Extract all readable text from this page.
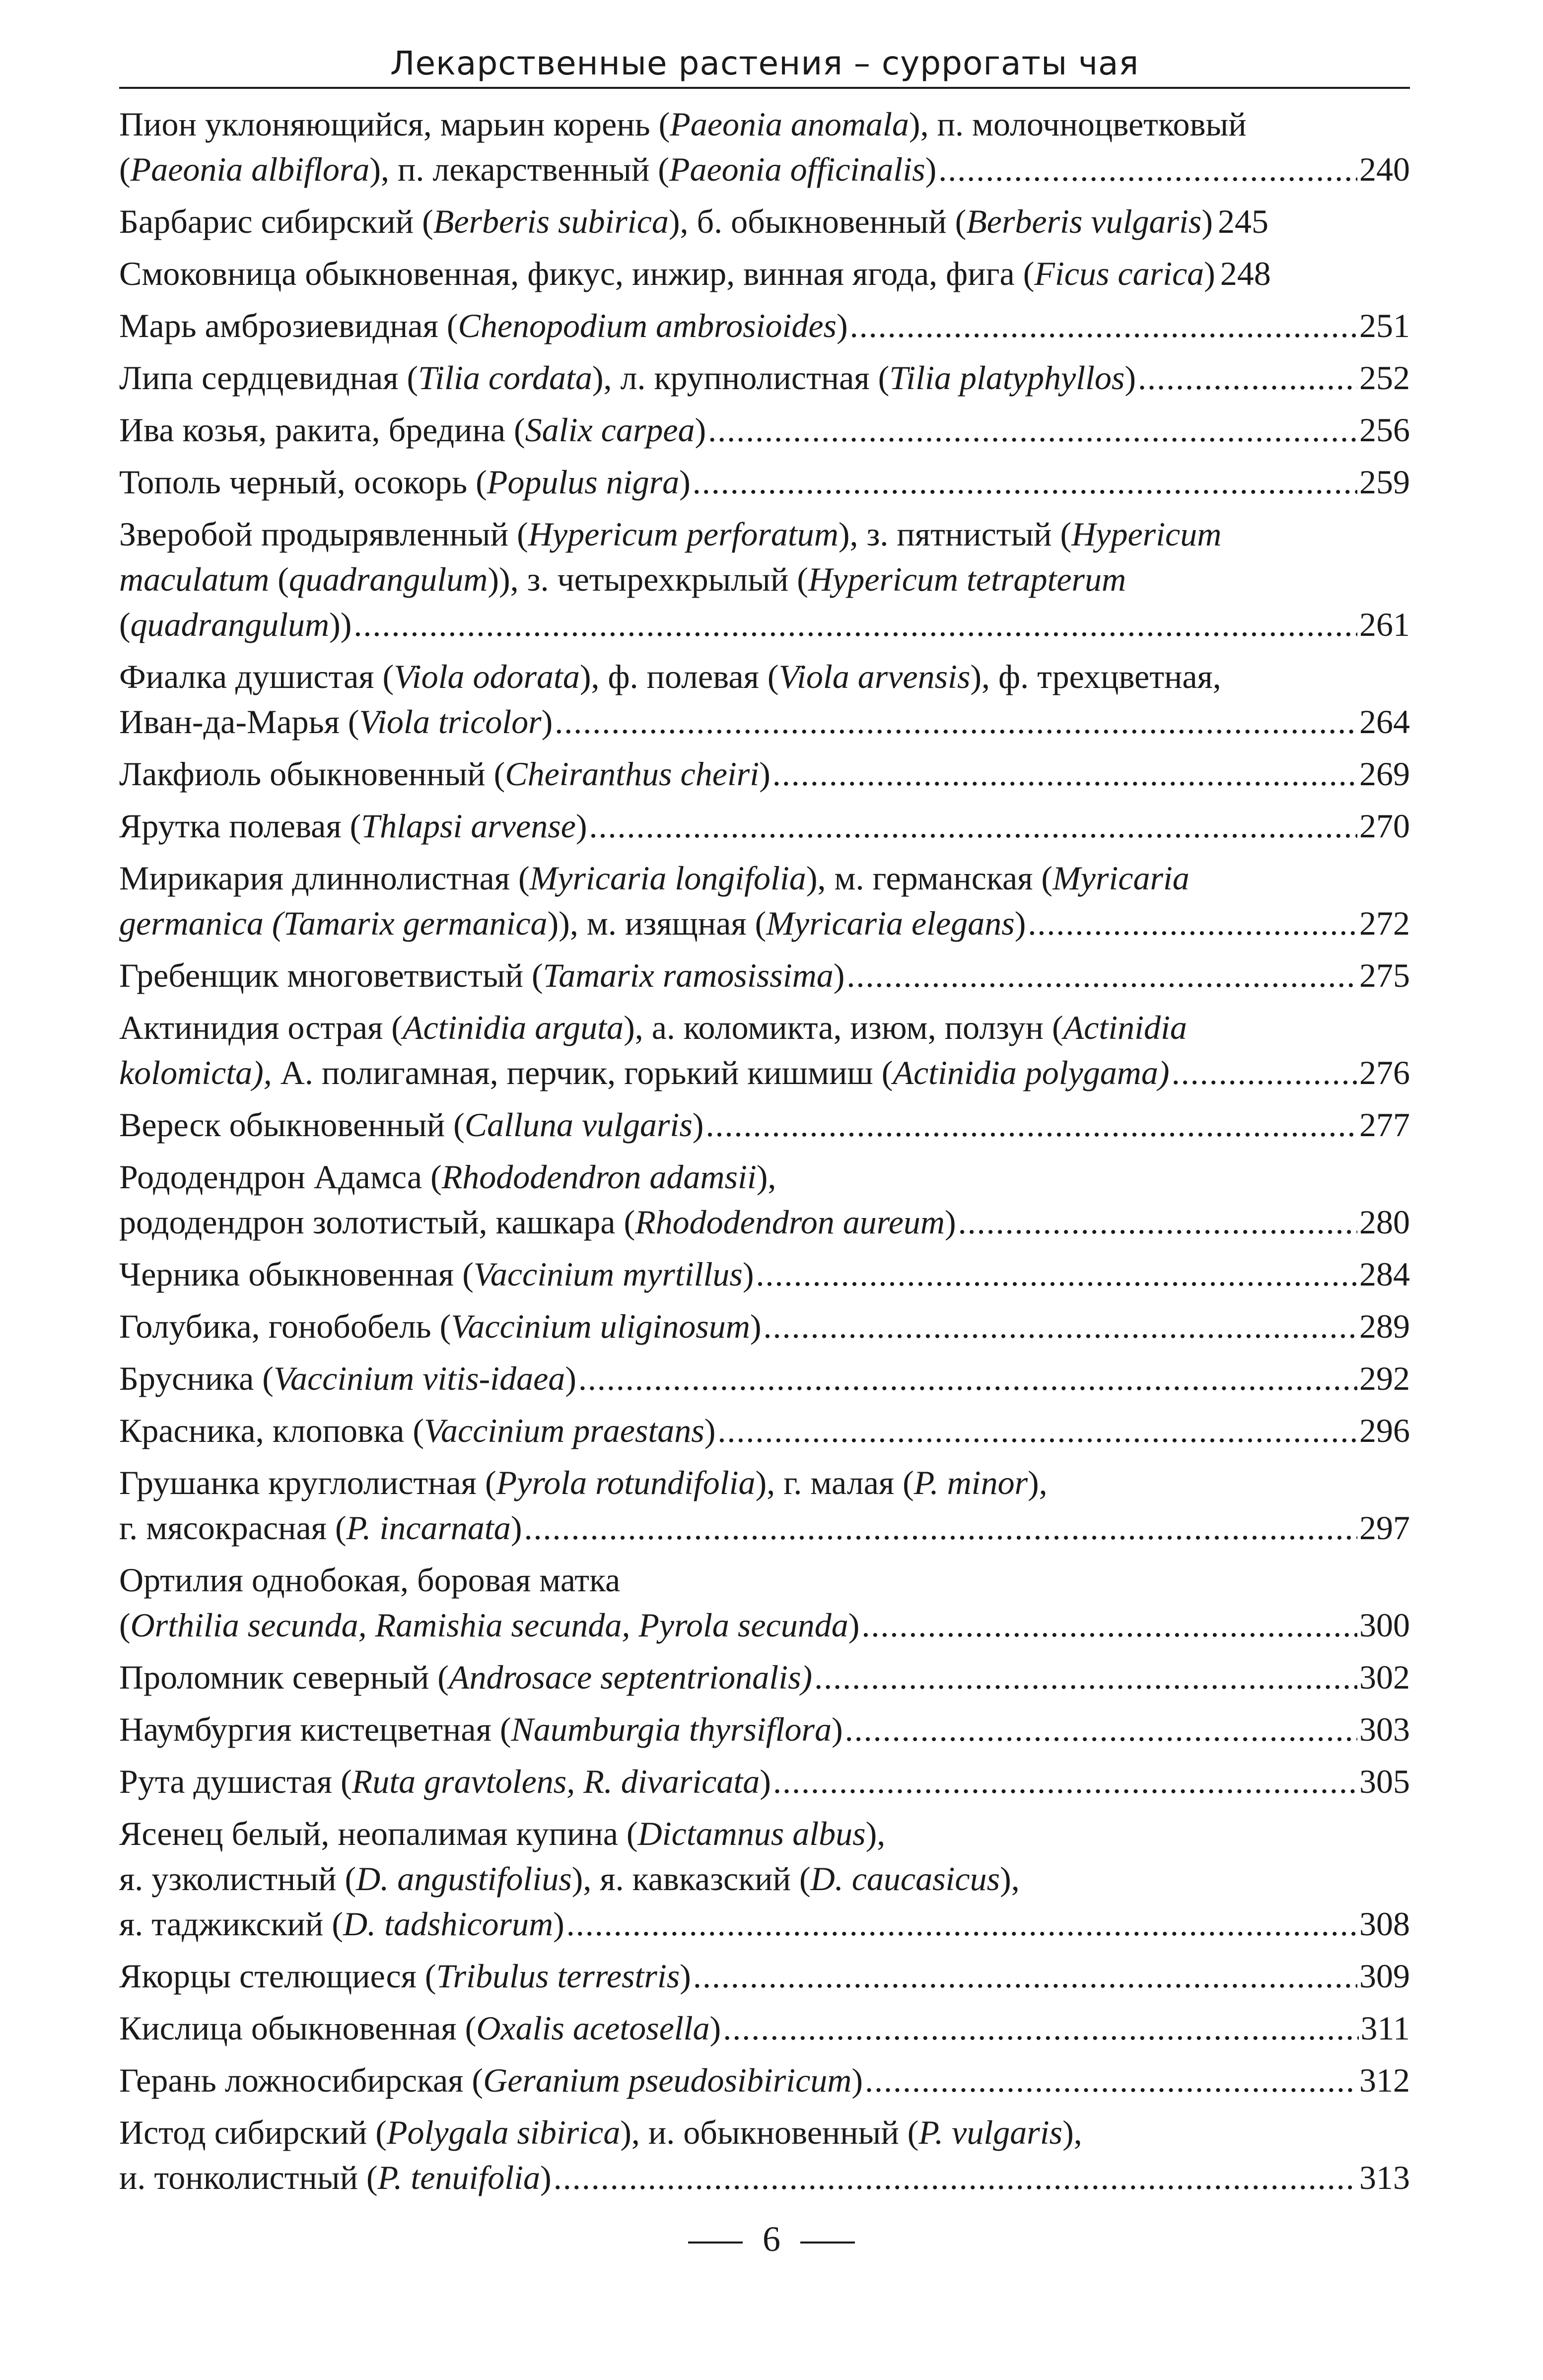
Лекарственные растения – суррогаты чая
Пион уклоняющийся, марьин корень (Paeonia anomala), п. молочноцветковый
(Paeonia albiflora), п. лекарственный (Paeonia officinalis) .....	240
Барбарис сибирский (Berberis subirica), б. обыкновенный (Berberis vulgaris) 245
Смоковница обыкновенная, фикус, инжир, винная ягода, фига (Ficus carica) 248
Марь амброзиевидная (Chenopodium ambrosioides) .....	251
Липа сердцевидная (Tilia cordata), л. крупнолистная (Tilia platyphyllos) .....	252
Ива козья, ракита, бредина (Salix carpea) .....	256
Тополь черный, осокорь (Populus nigra) .....	259
Зверобой продырявленный (Hypericum perforatum), з. пятнистый (Hypericum
maculatum (quadrangulum)), з. четырехкрылый (Hypericum tetrapterum
(quadrangulum)) .....	261
Фиалка душистая (Viola odorata), ф. полевая (Viola arvensis), ф. трехцветная,
Иван-да-Марья (Viola tricolor) .....	264
Лакфиоль обыкновенный (Cheiranthus cheiri) .....	269
Ярутка полевая (Thlapsi arvense) .....	270
Мирикария длиннолистная (Myricaria longifolia), м. германская (Myricaria
germanica (Tamarix germanica)), м. изящная (Myricaria elegans) .....	272
Гребенщик многоветвистый (Tamarix ramosissima) .....	275
Актинидия острая (Actinidia arguta), а. коломикта, изюм, ползун (Actinidia
kolomicta), А. полигамная, перчик, горький кишмиш (Actinidia polygama) .....	276
Вереск обыкновенный (Calluna vulgaris) .....	277
Рододендрон Адамса (Rhododendron adamsii),
рододендрон золотистый, кашкара (Rhododendron aureum) .....	280
Черника обыкновенная (Vaccinium myrtillus) .....	284
Голубика, гонобобель (Vaccinium uliginosum) .....	289
Брусника (Vaccinium vitis-idaea) .....	292
Красника, клоповка (Vaccinium praestans) .....	296
Грушанка круглолистная (Pyrola rotundifolia), г. малая (P. minor),
г. мясокрасная (P. incarnata) .....	297
Ортилия однобокая, боровая матка
(Orthilia secunda, Ramishia secunda, Pyrola secunda) .....	300
Проломник северный (Androsace septentrionalis) .....	302
Наумбургия кистецветная (Naumburgia thyrsiflora) .....	303
Рута душистая (Ruta gravtolens, R. divaricata) .....	305
Ясенец белый, неопалимая купина (Dictamnus albus),
я. узколистный (D. angustifolius), я. кавказский (D. caucasicus),
я. таджикский (D. tadshicorum) .....	308
Якорцы стелющиеся (Tribulus terrestris) .....	309
Кислица обыкновенная (Oxalis acetosella) .....	311
Герань ложносибирская (Geranium pseudosibiricum) .....	312
Истод сибирский (Polygala sibirica), и. обыкновенный (P. vulgaris),
и. тонколистный (P. tenuifolia) .....	313
6
